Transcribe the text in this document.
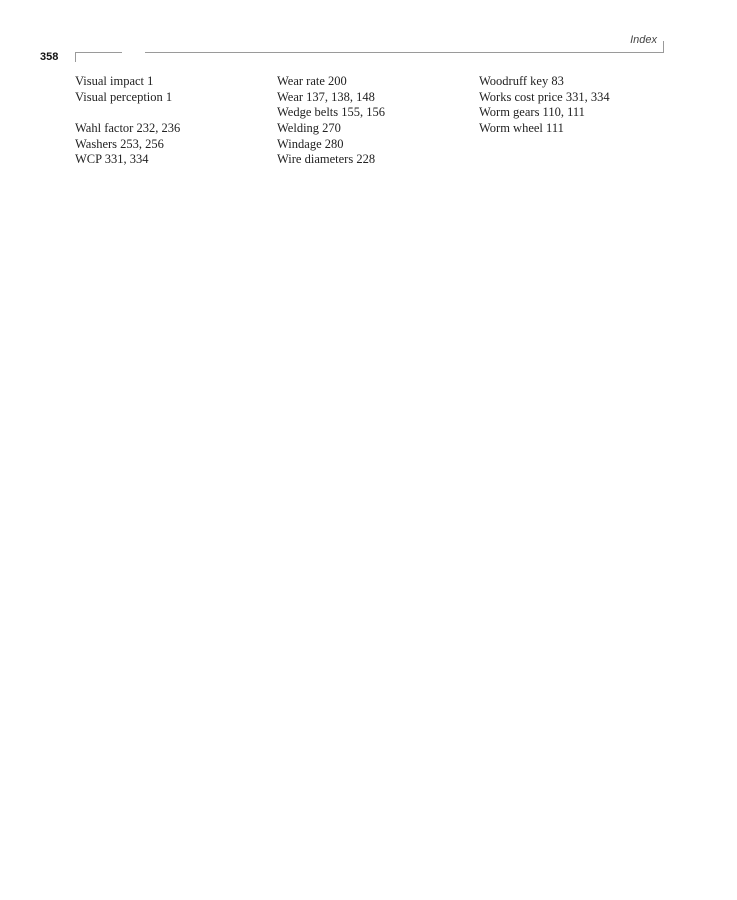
358
Index
Visual impact 1
Visual perception 1
Wahl factor 232, 236
Washers 253, 256
WCP 331, 334
Wear rate 200
Wear 137, 138, 148
Wedge belts 155, 156
Welding 270
Windage 280
Wire diameters 228
Woodruff key 83
Works cost price 331, 334
Worm gears 110, 111
Worm wheel 111
